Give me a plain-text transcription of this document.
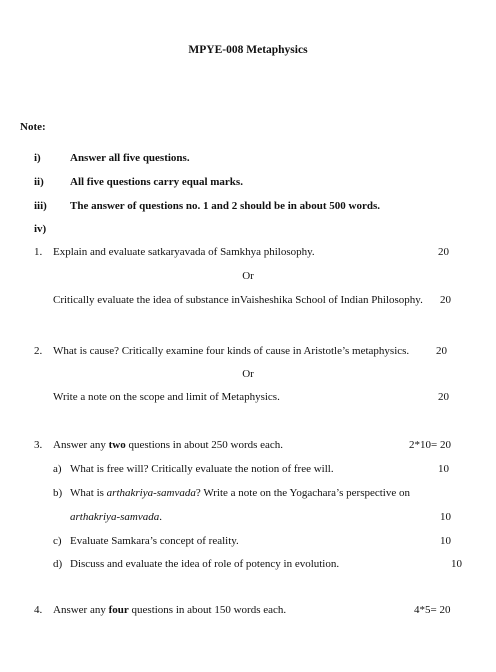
MPYE-008 Metaphysics
Note:
i)	Answer all five questions.
ii) All five questions carry equal marks.
iii) The answer of questions no. 1 and 2 should be in about 500 words.
iv)
1. Explain and evaluate satkaryavada of Samkhya philosophy.	20
Or
Critically evaluate the idea of substance inVaisheshika School of Indian Philosophy. 20
2. What is cause? Critically examine four kinds of cause in Aristotle’s metaphysics. 20
Or
Write a note on the scope and limit of Metaphysics.	20
3. Answer any two questions in about 250 words each.	2*10= 20
a) What is free will? Critically evaluate the notion of free will.	10
b) What is arthakriya-samvada? Write a note on the Yogachara’s perspective on
arthakriya-samvada.	10
c) Evaluate Samkara’s concept of reality.	10
d) Discuss and evaluate the idea of role of potency in evolution.	10
4. Answer any four questions in about 150 words each.	4*5= 20
